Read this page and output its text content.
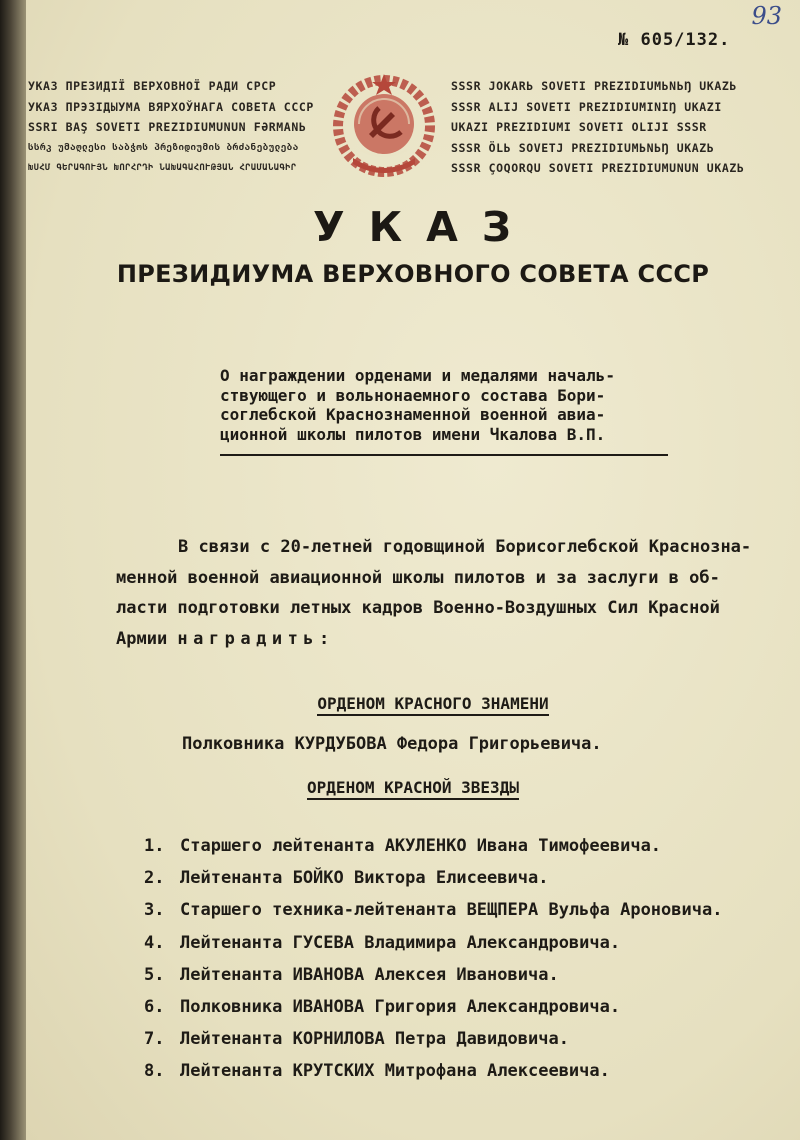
93
№ 605/132.
УКАЗ ПРЕЗИДІЇ ВЕРХОВНОЇ РАДИ СРСР
УКАЗ ПРЭЗІДЫУМА ВЯРХОЎНАГА СОВЕТА СССР
SSRI BAŞ SOVETI PREZIDIUMUNUN FƏRMANЬ
სსრკ უმაღლესი საბჭოს პრეზიდიუმის ბრძანებულება
ԽՍՀՄ ԳԵՐԱԳՈՒՅՆ ԽՈՐՀՐԴԻ ՆԱԽԱԳԱՀՈՒԹՅԱՆ ՀՐԱՄԱՆԱԳԻՐ
SSSR JOKARЬ SOVETI PREZIDIUMЬNЬŊ UKAZЬ
SSSR ALIJ SOVETI PREZIDIUMINIŊ UKAZI
UKAZI PREZIDIUMI SOVETI OLIJI SSSR
SSSR ÖLЬ SOVETJ PREZIDIUMЬNЬŊ UKAZЬ
SSSR ÇOQORQU SOVETI PREZIDIUMUNUN UKAZЬ
УКАЗ
ПРЕЗИДИУМА ВЕРХОВНОГО СОВЕТА СССР
О награждении орденами и медалями началь-
ствующего и вольнонаемного состава Бори-
соглебской Краснознаменной военной авиа-
ционной школы пилотов имени Чкалова В.П.
В связи с 20-летней годовщиной Борисоглебской Краснозна-
менной военной авиационной школы пилотов и за заслуги в об-
ласти подготовки летных кадров Военно-Воздушных Сил Красной
Армии наградить:
ОРДЕНОМ КРАСНОГО ЗНАМЕНИ
Полковника КУРДУБОВА Федора Григорьевича.
ОРДЕНОМ КРАСНОЙ ЗВЕЗДЫ
1. Старшего лейтенанта АКУЛЕНКО Ивана Тимофеевича.
2. Лейтенанта БОЙКО Виктора Елисеевича.
3. Старшего техника-лейтенанта ВЕЩПЕРА Вульфа Ароновича.
4. Лейтенанта ГУСЕВА Владимира Александровича.
5. Лейтенанта ИВАНОВА Алексея Ивановича.
6. Полковника ИВАНОВА Григория Александровича.
7. Лейтенанта КОРНИЛОВА Петра Давидовича.
8. Лейтенанта КРУТСКИХ Митрофана Алексеевича.
